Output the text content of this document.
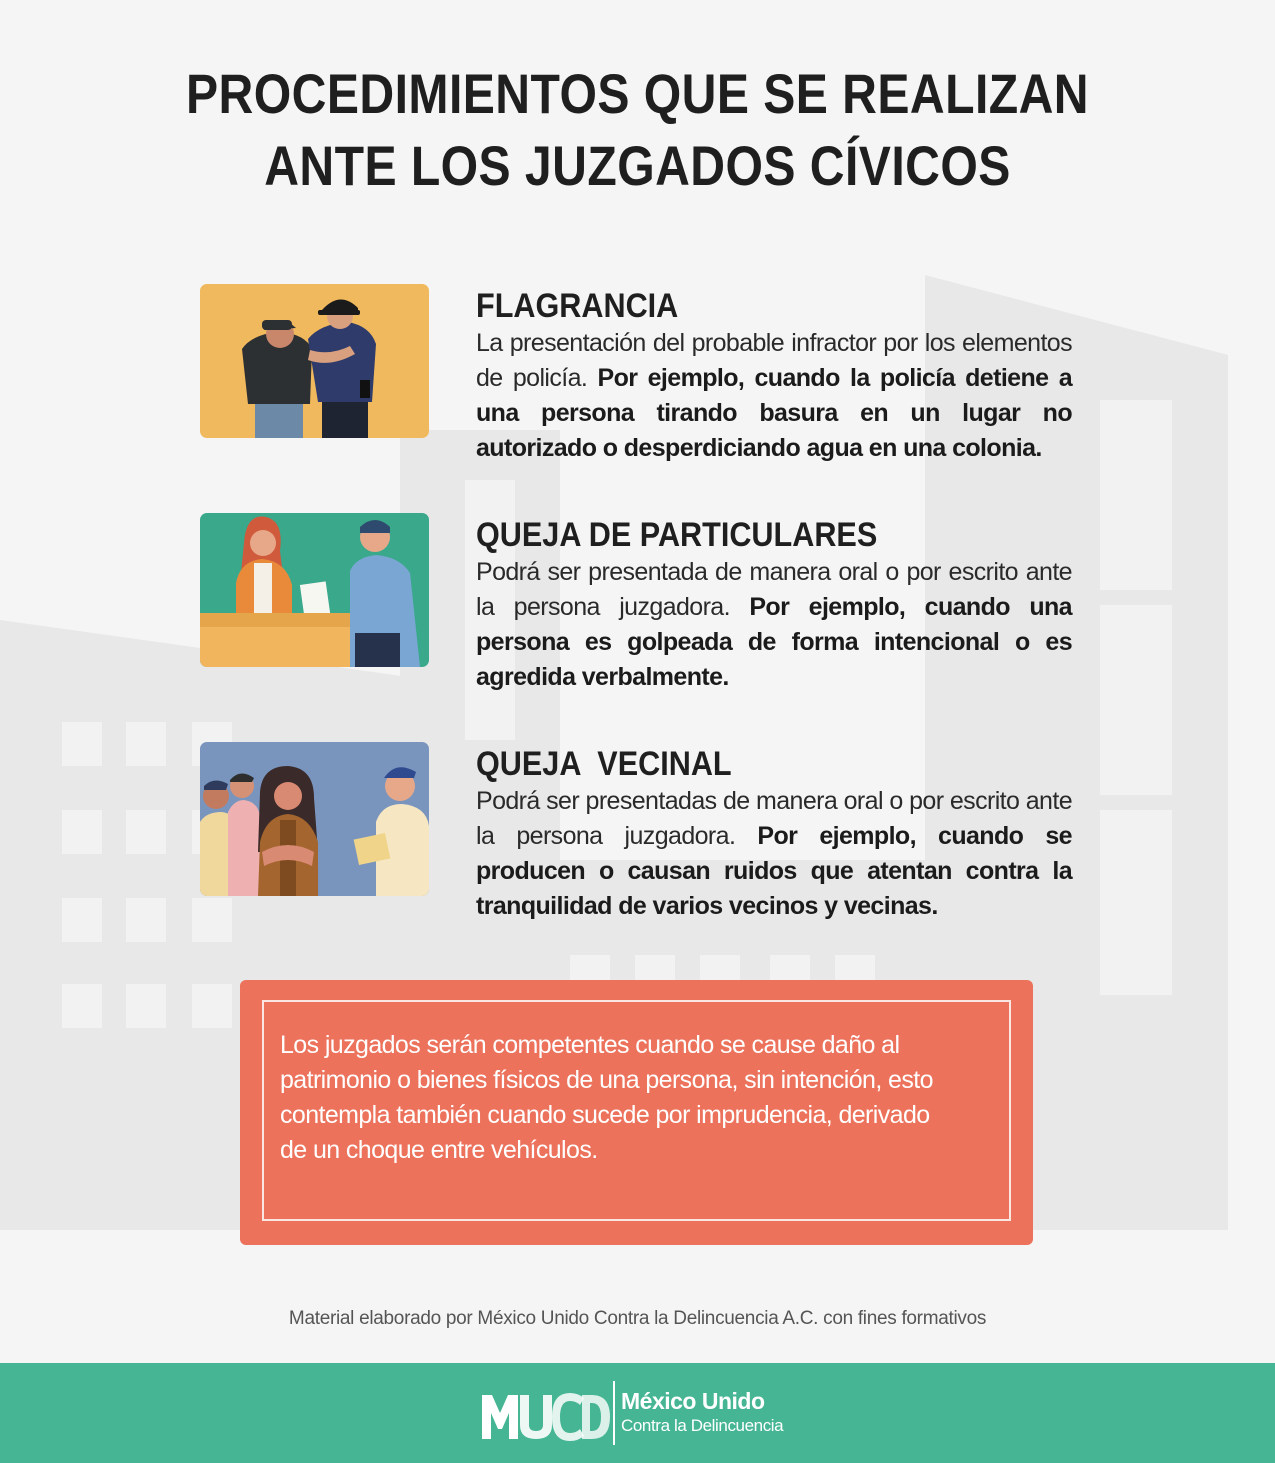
PROCEDIMIENTOS QUE SE REALIZAN
ANTE LOS JUZGADOS CÍVICOS
FLAGRANCIA

La presentación del probable infractor por los elementos de policía. Por ejemplo, cuando la policía detiene a una persona tirando basura en un lugar no autorizado o desperdiciando agua en una colonia.

QUEJA DE PARTICULARES

Podrá ser presentada de manera oral o por escrito ante la persona juzgadora. Por ejemplo, cuando una persona es golpeada de forma intencional o es agredida verbalmente.

QUEJA  VECINAL

Podrá ser presentadas de manera oral o por escrito ante la persona juzgadora. Por ejemplo, cuando se producen o causan ruidos que atentan contra la tranquilidad de varios vecinos y vecinas.

Los juzgados serán competentes cuando se cause daño al patrimonio o bienes físicos de una persona, sin intención, esto contempla también cuando sucede por imprudencia, derivado de un choque entre vehículos.

Material elaborado por México Unido Contra la Delincuencia A.C. con fines formativos
México Unido
Contra la Delincuencia
